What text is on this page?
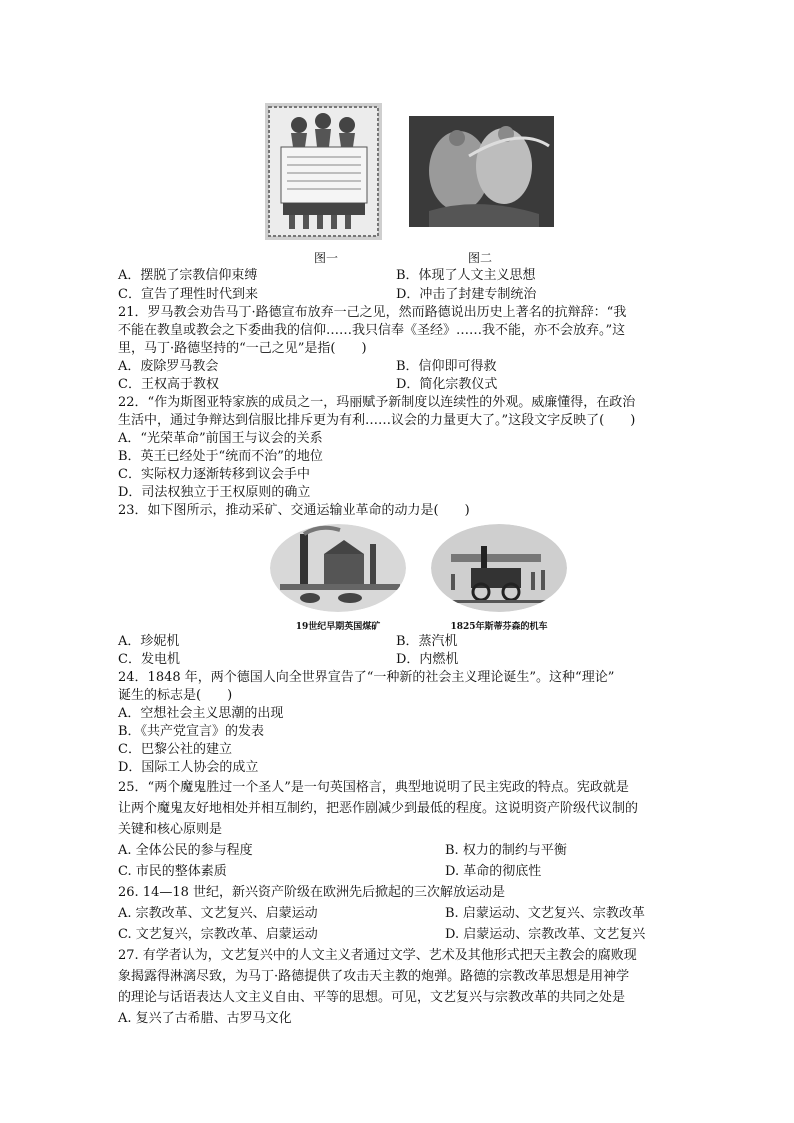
图一	图二
A．摆脱了宗教信仰束缚	B．体现了人文主义思想
C．宣告了理性时代到来	D．冲击了封建专制统治
21．罗马教会劝告马丁·路德宣布放弃一己之见，然而路德说出历史上著名的抗辩辞：“我
不能在教皇或教会之下委曲我的信仰……我只信奉《圣经》……我不能，亦不会放弃。”这
里，马丁·路德坚持的“一己之见”是指(　　)
A．废除罗马教会	B．信仰即可得救
C．王权高于教权	D．简化宗教仪式
22．“作为斯图亚特家族的成员之一，玛丽赋予新制度以连续性的外观。威廉懂得，在政治
生活中，通过争辩达到信服比排斥更为有利……议会的力量更大了。”这段文字反映了(　　)
A．“光荣革命”前国王与议会的关系
B．英王已经处于“统而不治”的地位
C．实际权力逐渐转移到议会手中
D．司法权独立于王权原则的确立
23．如下图所示，推动采矿、交通运输业革命的动力是(　　)
19世纪早期英国煤矿	1825年斯蒂芬森的机车
A．珍妮机	B．蒸汽机
C．发电机	D．内燃机
24．1848 年，两个德国人向全世界宣告了“一种新的社会主义理论诞生”。这种“理论”
诞生的标志是(　　)
A．空想社会主义思潮的出现
B．《共产党宣言》的发表
C．巴黎公社的建立
D．国际工人协会的成立
25．“两个魔鬼胜过一个圣人”是一句英国格言，典型地说明了民主宪政的特点。宪政就是
让两个魔鬼友好地相处并相互制约，把恶作剧减少到最低的程度。这说明资产阶级代议制的
关键和核心原则是
A. 全体公民的参与程度	B. 权力的制约与平衡
C. 市民的整体素质	D. 革命的彻底性
26. 14—18 世纪，新兴资产阶级在欧洲先后掀起的三次解放运动是
A. 宗教改革、文艺复兴、启蒙运动	B. 启蒙运动、文艺复兴、宗教改革
C. 文艺复兴，宗教改革、启蒙运动	D. 启蒙运动、宗教改革、文艺复兴
27. 有学者认为，文艺复兴中的人文主义者通过文学、艺术及其他形式把天主教会的腐败现
象揭露得淋漓尽致，为马丁·路德提供了攻击天主教的炮弹。路德的宗教改革思想是用神学
的理论与话语表达人文主义自由、平等的思想。可见，文艺复兴与宗教改革的共同之处是
A. 复兴了古希腊、古罗马文化
